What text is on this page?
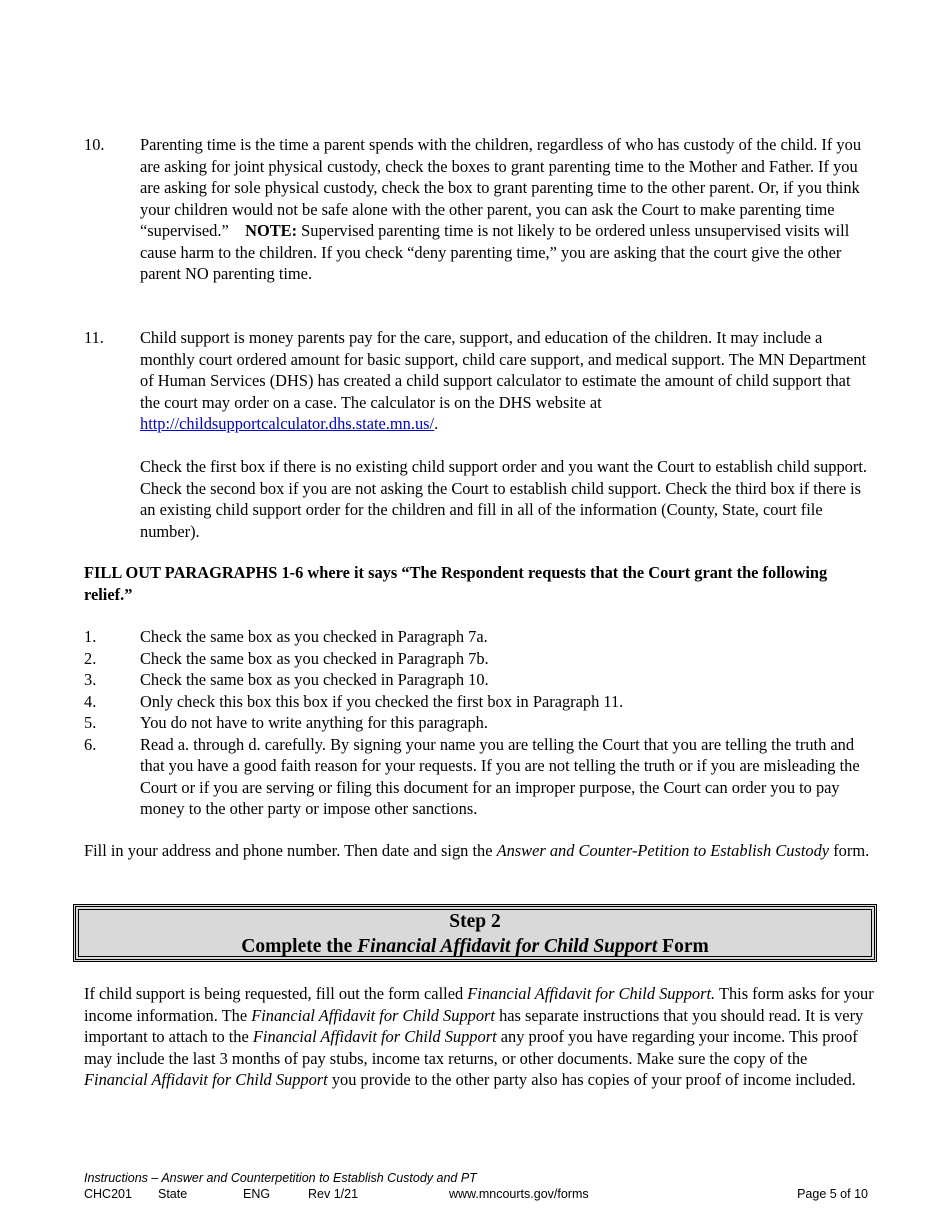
10. Parenting time is the time a parent spends with the children, regardless of who has custody of the child. If you are asking for joint physical custody, check the boxes to grant parenting time to the Mother and Father. If you are asking for sole physical custody, check the box to grant parenting time to the other parent. Or, if you think your children would not be safe alone with the other parent, you can ask the Court to make parenting time “supervised.” NOTE: Supervised parenting time is not likely to be ordered unless unsupervised visits will cause harm to the children. If you check “deny parenting time,” you are asking that the court give the other parent NO parenting time.
11. Child support is money parents pay for the care, support, and education of the children. It may include a monthly court ordered amount for basic support, child care support, and medical support. The MN Department of Human Services (DHS) has created a child support calculator to estimate the amount of child support that the court may order on a case. The calculator is on the DHS website at http://childsupportcalculator.dhs.state.mn.us/.
Check the first box if there is no existing child support order and you want the Court to establish child support. Check the second box if you are not asking the Court to establish child support. Check the third box if there is an existing child support order for the children and fill in all of the information (County, State, court file number).
FILL OUT PARAGRAPHS 1-6 where it says “The Respondent requests that the Court grant the following relief.”
1.	Check the same box as you checked in Paragraph 7a.
2.	Check the same box as you checked in Paragraph 7b.
3.	Check the same box as you checked in Paragraph 10.
4.	Only check this box this box if you checked the first box in Paragraph 11.
5.	You do not have to write anything for this paragraph.
6.	Read a. through d. carefully. By signing your name you are telling the Court that you are telling the truth and that you have a good faith reason for your requests. If you are not telling the truth or if you are misleading the Court or if you are serving or filing this document for an improper purpose, the Court can order you to pay money to the other party or impose other sanctions.
Fill in your address and phone number. Then date and sign the Answer and Counter-Petition to Establish Custody form.
Step 2
Complete the Financial Affidavit for Child Support Form
If child support is being requested, fill out the form called Financial Affidavit for Child Support. This form asks for your income information. The Financial Affidavit for Child Support has separate instructions that you should read. It is very important to attach to the Financial Affidavit for Child Support any proof you have regarding your income. This proof may include the last 3 months of pay stubs, income tax returns, or other documents. Make sure the copy of the Financial Affidavit for Child Support you provide to the other party also has copies of your proof of income included.
Instructions – Answer and Counterpetition to Establish Custody and PT
CHC201 State	ENG	Rev 1/21	www.mncourts.gov/forms	Page 5 of 10
